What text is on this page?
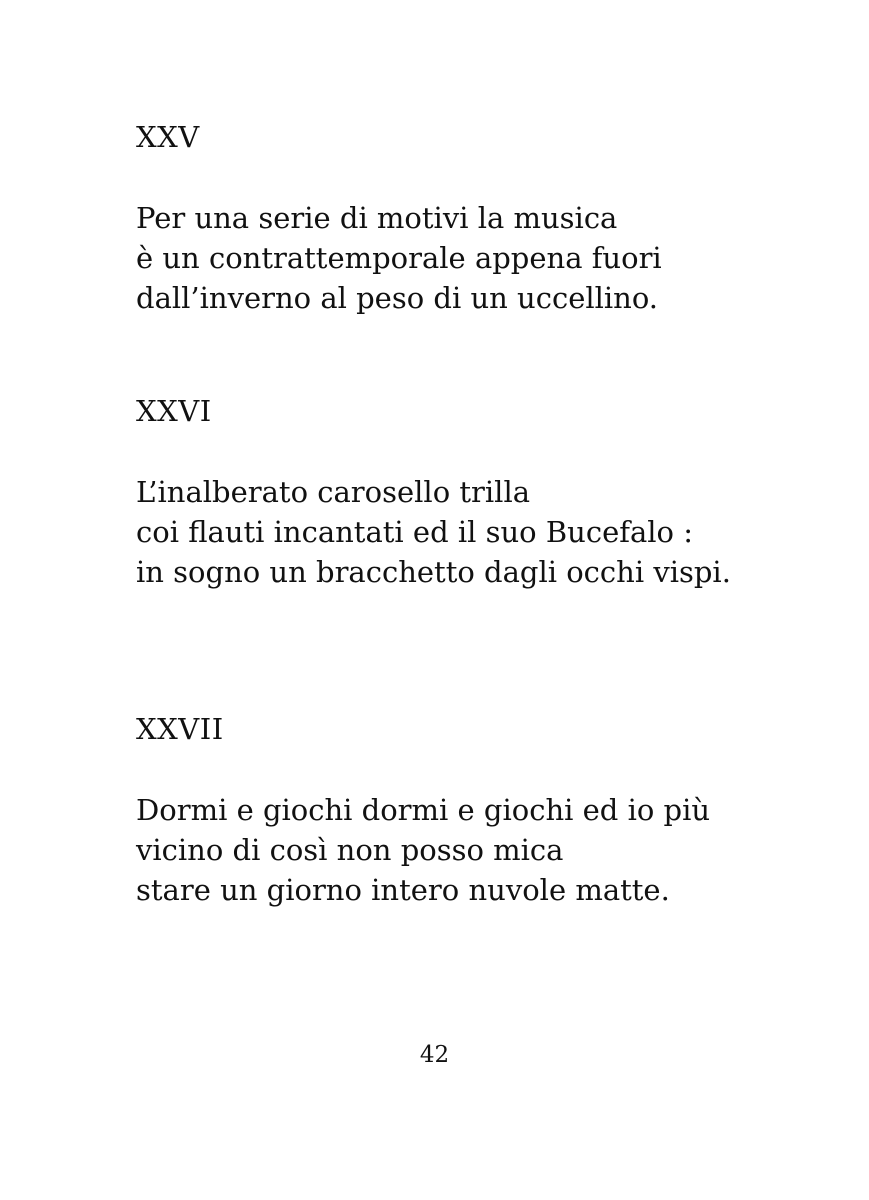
XXV

Per una serie di motivi la musica

è un contrattemporale appena fuori

dall’inverno al peso di un uccellino.

XXVI

L’inalberato carosello trilla

coi flauti incantati ed il suo Bucefalo :

in sogno un bracchetto dagli occhi vispi.

XXVII

Dormi e giochi dormi e giochi ed io più

vicino di così non posso mica

stare un giorno intero nuvole matte.

42
